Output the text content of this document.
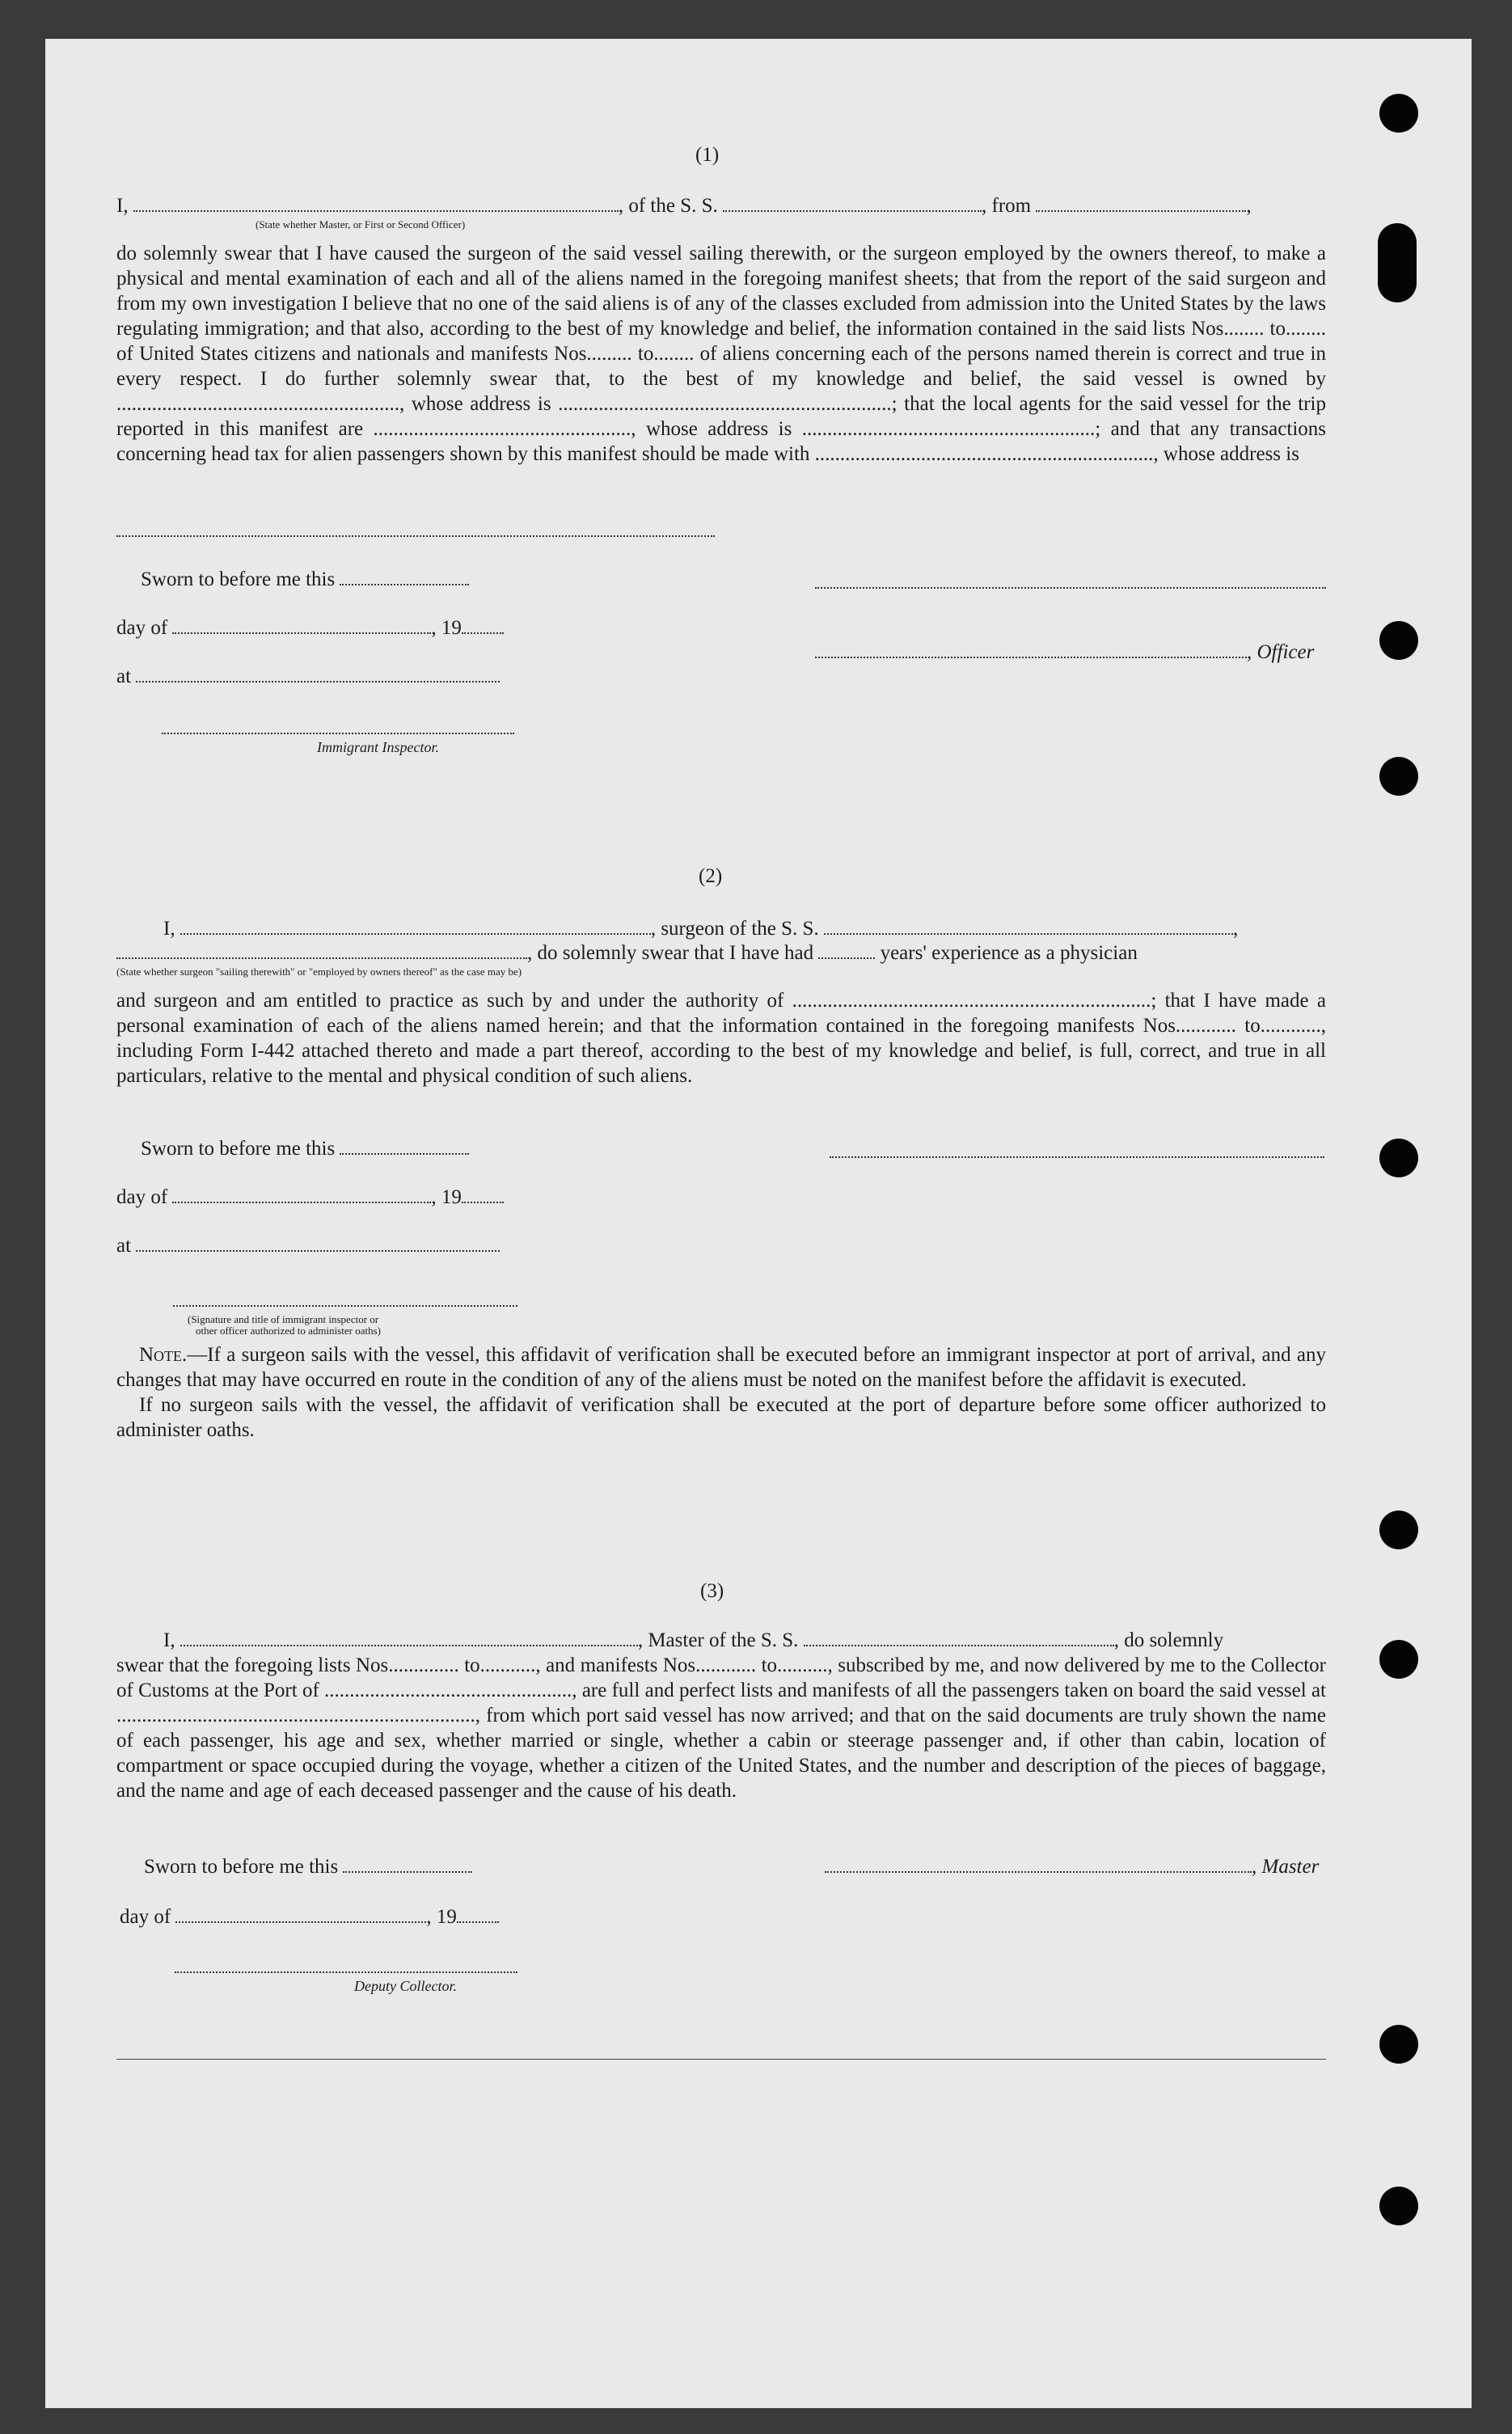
(1)
I,	, of the S. S.	, from	,
(State whether Master, or First or Second Officer)

do solemnly swear that I have caused the surgeon of the said vessel sailing therewith, or the surgeon employed by the owners thereof, to make a physical and mental examination of each and all of the aliens named in the foregoing manifest sheets; that from the report of the said surgeon and from my own investigation I believe that no one of the said aliens is of any of the classes excluded from admission into the United States by the laws regulating immigration; and that also, according to the best of my knowledge and belief, the information contained in the said lists Nos........ to........ of United States citizens and nationals and manifests Nos......... to........ of aliens concerning each of the persons named therein is correct and true in every respect. I do further solemnly swear that, to the best of my knowledge and belief, the said vessel is owned by ........................................................, whose address is ..................................................................; that the local agents for the said vessel for the trip reported in this manifest are ..................................................., whose address is ..........................................................; and that any transactions concerning head tax for alien passengers shown by this manifest should be made with ..................................................................., whose address is

Sworn to before me this
day of	, 19
, Officer
at
Immigrant Inspector.
(2)
I,	, surgeon of the S. S.	,
, do solemnly swear that I have had	years' experience as a physician
(State whether surgeon "sailing therewith" or "employed by owners thereof" as the case may be)

and surgeon and am entitled to practice as such by and under the authority of .......................................................................; that I have made a personal examination of each of the aliens named herein; and that the information contained in the foregoing manifests Nos............ to............, including Form I-442 attached thereto and made a part thereof, according to the best of my knowledge and belief, is full, correct, and true in all particulars, relative to the mental and physical condition of such aliens.

Sworn to before me this
day of	, 19
at
(Signature and title of immigrant inspector or
other officer authorized to administer oaths)

Note.—If a surgeon sails with the vessel, this affidavit of verification shall be executed before an immigrant inspector at port of arrival, and any changes that may have occurred en route in the condition of any of the aliens must be noted on the manifest before the affidavit is executed.

If no surgeon sails with the vessel, the affidavit of verification shall be executed at the port of departure before some officer authorized to administer oaths.

(3)
I,	, Master of the S. S.	, do solemnly

swear that the foregoing lists Nos.............. to..........., and manifests Nos............ to.........., subscribed by me, and now delivered by me to the Collector of Customs at the Port of ................................................., are full and perfect lists and manifests of all the passengers taken on board the said vessel at ......................................................................., from which port said vessel has now arrived; and that on the said documents are truly shown the name of each passenger, his age and sex, whether married or single, whether a cabin or steerage passenger and, if other than cabin, location of compartment or space occupied during the voyage, whether a citizen of the United States, and the number and description of the pieces of baggage, and the name and age of each deceased passenger and the cause of his death.

Sworn to before me this	, Master
day of	, 19
Deputy Collector.
